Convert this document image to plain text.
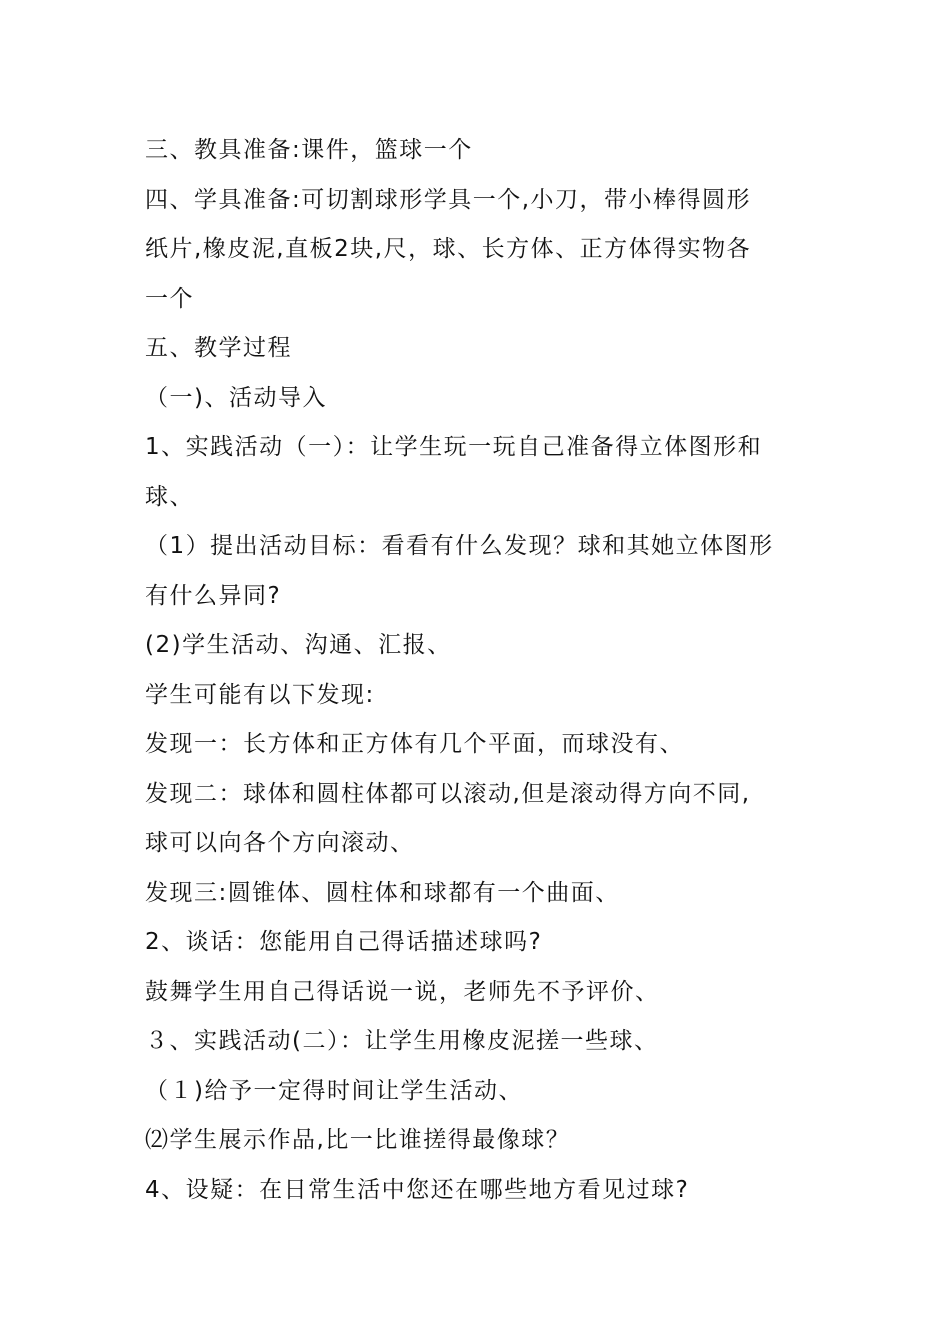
三、教具准备:课件，篮球一个
四、学具准备:可切割球形学具一个,小刀，带小棒得圆形
纸片,橡皮泥,直板2块,尺，球、长方体、正方体得实物各
一个
五、教学过程
（一)、活动导入
1、实践活动（一）：让学生玩一玩自己准备得立体图形和
球、
（1）提出活动目标：看看有什么发现？球和其她立体图形
有什么异同?
(2)学生活动、沟通、汇报、
学生可能有以下发现:
发现一：长方体和正方体有几个平面，而球没有、
发现二：球体和圆柱体都可以滚动,但是滚动得方向不同,
球可以向各个方向滚动、
发现三:圆锥体、圆柱体和球都有一个曲面、
2、谈话：您能用自己得话描述球吗?
鼓舞学生用自己得话说一说，老师先不予评价、
３、实践活动(二）：让学生用橡皮泥搓一些球、
（１)给予一定得时间让学生活动、
⑵学生展示作品,比一比谁搓得最像球？
4、设疑：在日常生活中您还在哪些地方看见过球?
